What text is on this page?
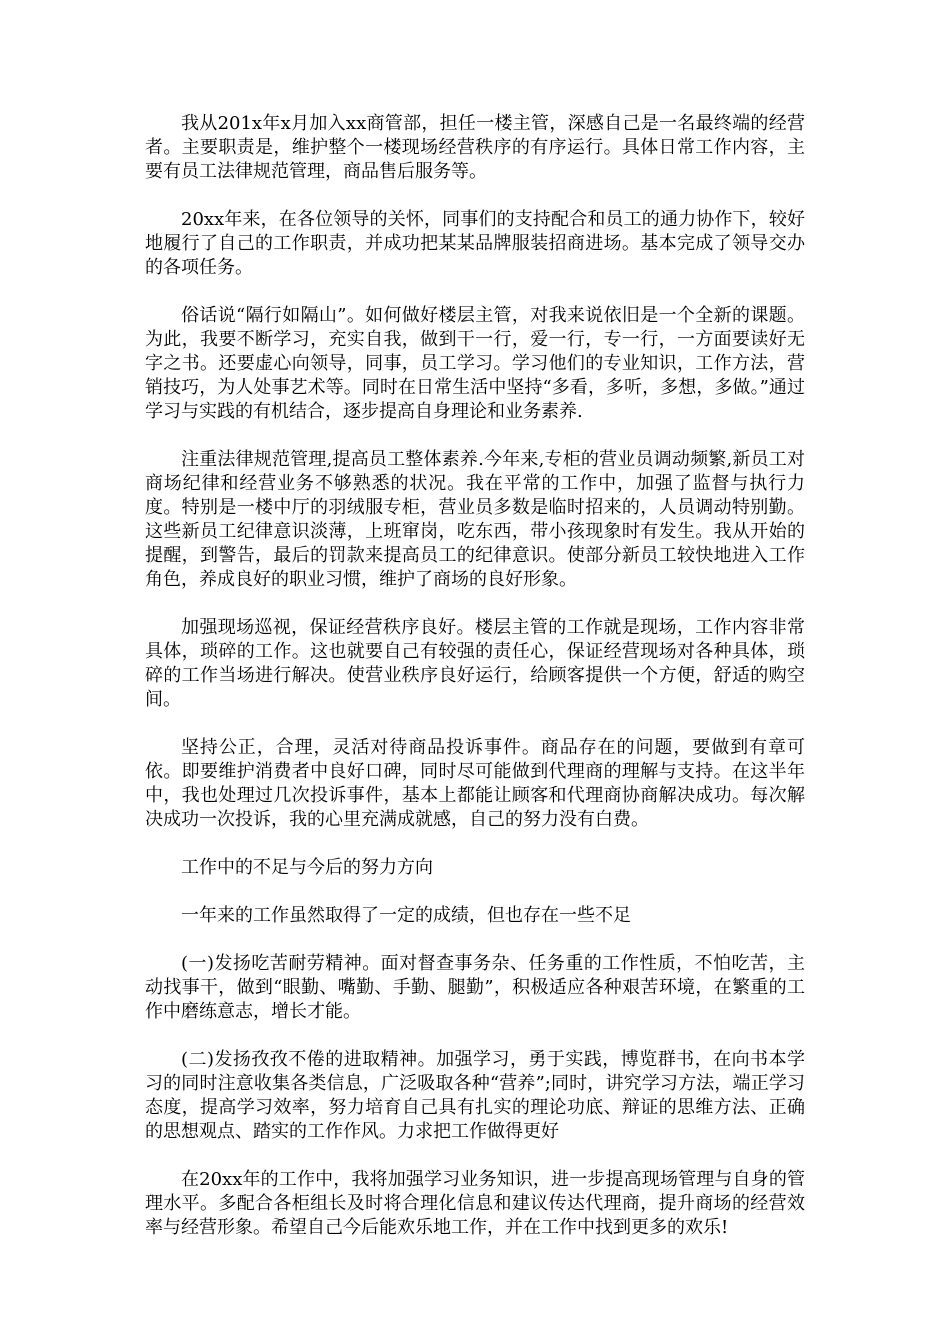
我从201x年x月加入xx商管部，担任一楼主管，深感自己是一名最终端的经营者。主要职责是，维护整个一楼现场经营秩序的有序运行。具体日常工作内容，主要有员工法律规范管理，商品售后服务等。

20xx年来，在各位领导的关怀，同事们的支持配合和员工的通力协作下，较好地履行了自己的工作职责，并成功把某某品牌服装招商进场。基本完成了领导交办的各项任务。

俗话说“隔行如隔山”。如何做好楼层主管，对我来说依旧是一个全新的课题。为此，我要不断学习，充实自我，做到干一行，爱一行，专一行，一方面要读好无字之书。还要虚心向领导，同事，员工学习。学习他们的专业知识，工作方法，营销技巧，为人处事艺术等。同时在日常生活中坚持“多看，多听，多想，多做。”通过学习与实践的有机结合，逐步提高自身理论和业务素养.

注重法律规范管理,提高员工整体素养.今年来,专柜的营业员调动频繁,新员工对商场纪律和经营业务不够熟悉的状况。我在平常的工作中，加强了监督与执行力度。特别是一楼中厅的羽绒服专柜，营业员多数是临时招来的，人员调动特别勤。这些新员工纪律意识淡薄，上班窜岗，吃东西，带小孩现象时有发生。我从开始的提醒，到警告，最后的罚款来提高员工的纪律意识。使部分新员工较快地进入工作角色，养成良好的职业习惯，维护了商场的良好形象。

加强现场巡视，保证经营秩序良好。楼层主管的工作就是现场，工作内容非常具体，琐碎的工作。这也就要自己有较强的责任心，保证经营现场对各种具体，琐碎的工作当场进行解决。使营业秩序良好运行，给顾客提供一个方便，舒适的购空间。

坚持公正，合理，灵活对待商品投诉事件。商品存在的问题，要做到有章可依。即要维护消费者中良好口碑，同时尽可能做到代理商的理解与支持。在这半年中，我也处理过几次投诉事件，基本上都能让顾客和代理商协商解决成功。每次解决成功一次投诉，我的心里充满成就感，自己的努力没有白费。

工作中的不足与今后的努力方向

一年来的工作虽然取得了一定的成绩，但也存在一些不足

(一)发扬吃苦耐劳精神。面对督查事务杂、任务重的工作性质，不怕吃苦，主动找事干，做到“眼勤、嘴勤、手勤、腿勤”，积极适应各种艰苦环境，在繁重的工作中磨练意志，增长才能。

(二)发扬孜孜不倦的进取精神。加强学习，勇于实践，博览群书，在向书本学习的同时注意收集各类信息，广泛吸取各种“营养”;同时，讲究学习方法，端正学习态度，提高学习效率，努力培育自己具有扎实的理论功底、辩证的思维方法、正确的思想观点、踏实的工作作风。力求把工作做得更好

在20xx年的工作中，我将加强学习业务知识，进一步提高现场管理与自身的管理水平。多配合各柜组长及时将合理化信息和建议传达代理商，提升商场的经营效率与经营形象。希望自己今后能欢乐地工作，并在工作中找到更多的欢乐!
